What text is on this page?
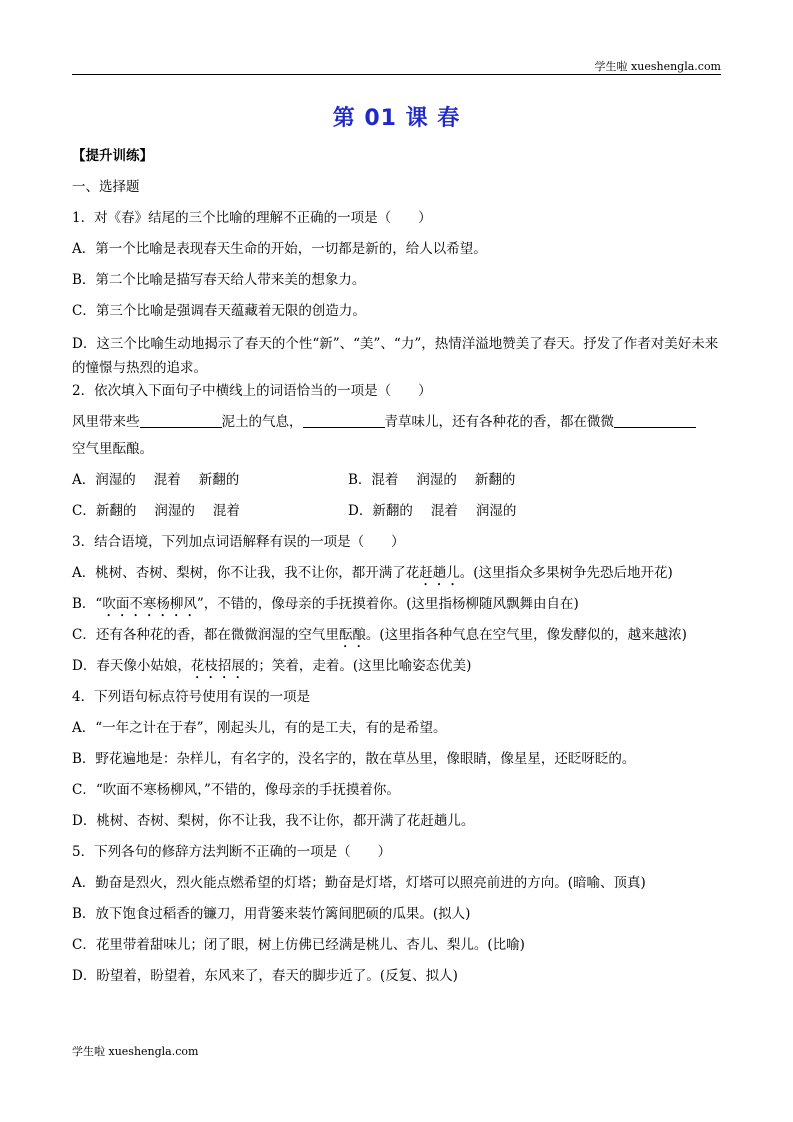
学生啦 xueshengla.com
第 01 课 春
【提升训练】
一、选择题
1．对《春》结尾的三个比喻的理解不正确的一项是（　　）
A．第一个比喻是表现春天生命的开始，一切都是新的，给人以希望。
B．第二个比喻是描写春天给人带来美的想象力。
C．第三个比喻是强调春天蕴藏着无限的创造力。
D．这三个比喻生动地揭示了春天的个性“新”、“美”、“力”，热情洋溢地赞美了春天。抒发了作者对美好未来的憧憬与热烈的追求。
2．依次填入下面句子中横线上的词语恰当的一项是（　　）
风里带来些	泥土的气息，	青草味儿，还有各种花的香，都在微微
空气里酝酿。
A．润湿的 混着 新翻的	B．混着 润湿的 新翻的
C．新翻的 润湿的 混着	D．新翻的 混着 润湿的
3．结合语境，下列加点词语解释有误的一项是（　　）
A．桃树、杏树、梨树，你不让我，我不让你，都开满了花赶趟儿。(这里指众多果树争先恐后地开花)
B．“吹面不寒杨柳风”，不错的，像母亲的手抚摸着你。(这里指杨柳随风飘舞由自在)
C．还有各种花的香，都在微微润湿的空气里酝酿。(这里指各种气息在空气里，像发酵似的，越来越浓)
D．春天像小姑娘，花枝招展的；笑着，走着。(这里比喻姿态优美)
4．下列语句标点符号使用有误的一项是
A．“一年之计在于春”，刚起头儿，有的是工夫，有的是希望。
B．野花遍地是：杂样儿，有名字的，没名字的，散在草丛里，像眼睛，像星星，还眨呀眨的。
C．“吹面不寒杨柳风，”不错的，像母亲的手抚摸着你。
D．桃树、杏树、梨树，你不让我，我不让你，都开满了花赶趟儿。
5．下列各句的修辞方法判断不正确的一项是（　　）
A．勤奋是烈火，烈火能点燃希望的灯塔；勤奋是灯塔，灯塔可以照亮前进的方向。(暗喻、顶真)
B．放下饱食过稻香的镰刀，用背篓来装竹篱间肥硕的瓜果。(拟人)
C．花里带着甜味儿；闭了眼，树上仿佛已经满是桃儿、杏儿、梨儿。(比喻)
D．盼望着，盼望着，东风来了，春天的脚步近了。(反复、拟人)
学生啦 xueshengla.com
